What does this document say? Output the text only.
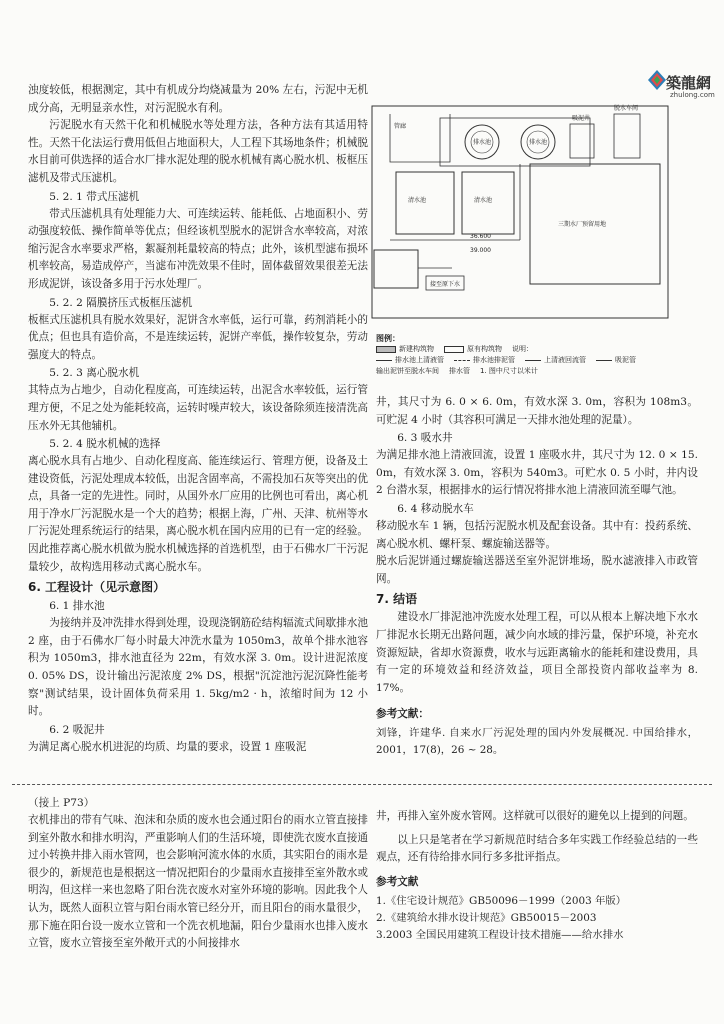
築龍網
zhulong.com

浊度较低，根据测定，其中有机成分均烧减量为 20% 左右，污泥中无机成分高，无明显亲水性，对污泥脱水有利。

污泥脱水有天然干化和机械脱水等处理方法，各种方法有其适用特性。天然干化法运行费用低但占地面积大，人工程下其场地条件；机械脱水目前可供选择的适合水厂排水泥处理的脱水机械有离心脱水机、板框压滤机及带式压滤机。

5. 2. 1 带式压滤机

带式压滤机具有处理能力大、可连续运转、能耗低、占地面积小、劳动强度较低、操作简单等优点；但经该机型脱水的泥饼含水率较高，对浓缩污泥含水率要求严格，絮凝剂耗量较高的特点；此外，该机型滤布损坏机率较高，易造成停产，当滤布冲洗效果不佳时，固体截留效果很差无法形成泥饼，该设备多用于污水处理厂。

5. 2. 2 隔膜挤压式板框压滤机

板框式压滤机具有脱水效果好，泥饼含水率低，运行可靠，药剂消耗小的优点；但也具有造价高，不是连续运转，泥饼产率低，操作较复杂，劳动强度大的特点。

5. 2. 3 离心脱水机

其特点为占地少，自动化程度高，可连续运转，出泥含水率较低，运行管理方便，不足之处为能耗较高，运转时噪声较大，该设备除须连接清洗高压水外无其他辅机。

5. 2. 4 脱水机械的选择

离心脱水具有占地少、自动化程度高、能连续运行、管理方便，设备及土建设资低，污泥处理成本较低，出泥含固率高，不需投加石灰等突出的优点，具备一定的先进性。同时，从国外水厂应用的比例也可看出，离心机用于净水厂污泥脱水是一个大的趋势；根据上海，广州、天津、杭州等水厂污泥处理系统运行的结果，离心脱水机在国内应用的已有一定的经验。因此推荐离心脱水机做为脱水机械选择的首选机型，由于石佛水厂干污泥量较少，故构选用移动式离心脱水车。

6. 工程设计（见示意图）
6. 1 排水池

为接纳并及冲洗排水得到处理，设现浇钢筋砼结构辐流式间歇排水池 2 座，由于石佛水厂每小时最大冲洗水量为 1050m3，故单个排水池容积为 1050m3，排水池直径为 22m，有效水深 3. 0m。设计进泥浓度 0. 05% DS，设计输出污泥浓度 2% DS，根据"沉淀池污泥沉降性能考察"测试结果，设计固体负荷采用 1. 5kg/m2 · h，浓缩时间为 12 小时。

6. 2 吸泥井

为满足离心脱水机进泥的均质、均量的要求，设置 1 座吸泥

排水池	排水池
吸泥井
脱水车间
管廊
清水池	清水池
三期水厂预留用地
36.600
39.000
接至原下水
图例：
新建构筑物	原有构筑物 说明：
排水池上清液管	排水池排泥管	上清液回流管	吸泥管
输出泥饼至脱水车间 排水管 1. 图中尺寸以米计

井，其尺寸为 6. 0 × 6. 0m，有效水深 3. 0m，容积为 108m3。可贮泥 4 小时（其容积可满足一天排水池处理的泥量）。

6. 3 吸水井

为满足排水池上清液回流，设置 1 座吸水井，其尺寸为 12. 0 × 15. 0m，有效水深 3. 0m，容积为 540m3。可贮水 0. 5 小时，井内设 2 台潜水泵，根据排水的运行情况将排水池上清液回流至曝气池。

6. 4 移动脱水车

移动脱水车 1 辆，包括污泥脱水机及配套设备。其中有：投药系统、离心脱水机、螺杆泵、螺旋输送器等。

脱水后泥饼通过螺旋输送器送至室外泥饼堆场，脱水滤液排入市政管网。

7. 结语

建设水厂排泥池冲洗废水处理工程，可以从根本上解决地下水水厂排泥水长期无出路问题，减少向水域的排污量，保护环境，补充水资源短缺，省却水资源费，收水与远距离输水的能耗和建设费用，具有一定的环境效益和经济效益，项目全部投资内部收益率为 8. 17%。

参考文献：

刘锋，许建华. 自来水厂污泥处理的国内外发展概况. 中国给排水，2001，17(8)，26 ~ 28。

（接上 P73）

衣机排出的带有气味、泡沫和杂质的废水也会通过阳台的雨水立管直接排到室外散水和排水明沟，严重影响人们的生活环境，即使洗衣废水直接通过小转换井排入雨水管网，也会影响河流水体的水质，其实阳台的雨水是很少的，新规范也是根据这一情况把阳台的少量雨水直接排至室外散水或明沟，但这样一来也忽略了阳台洗衣废水对室外环境的影响。因此我个人认为，既然人面积立管与阳台雨水管已经分开，而且阳台的雨水量很少，那下施在阳台设一废水立管和一个洗衣机地漏，阳台少量雨水也排入废水立管，废水立管接至室外敞开式的小间接排水

井，再排入室外废水管网。这样就可以很好的避免以上提到的问题。

以上只是笔者在学习新规范时结合多年实践工作经验总结的一些观点，还有待给排水同行多多批评指点。

参考文献
1.《住宅设计规范》GB50096－1999（2003 年版）
2.《建筑给水排水设计规范》GB50015－2003
3.2003 全国民用建筑工程设计技术措施——给水排水
